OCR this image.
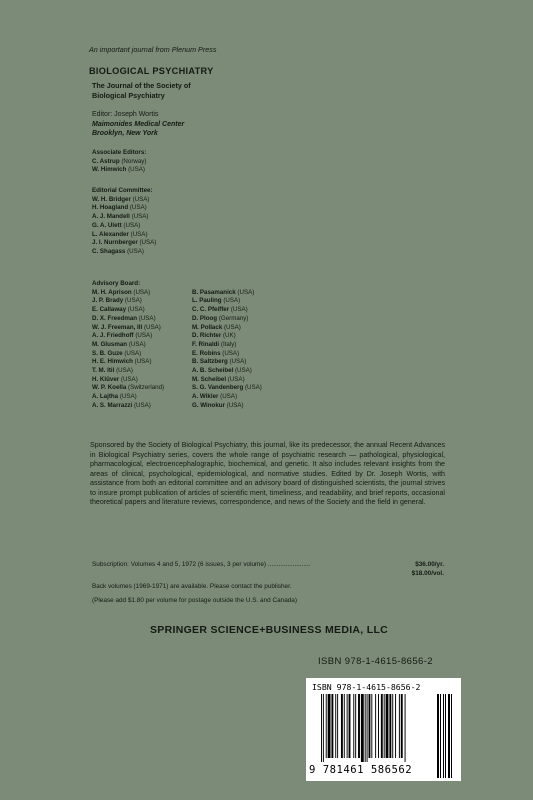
An important journal from Plenum Press
BIOLOGICAL PSYCHIATRY
The Journal of the Society of
Biological Psychiatry
Editor: Joseph Wortis
Maimonides Medical Center
Brooklyn, New York
Associate Editors:
C. Astrup (Norway)
W. Himwich (USA)
Editorial Committee:
W. H. Bridger (USA)
H. Hoagland (USA)
A. J. Mandell (USA)
G. A. Ulett (USA)
L. Alexander (USA)
J. I. Nurnberger (USA)
C. Shagass (USA)
Advisory Board:
M. H. Aprison (USA)
J. P. Brady (USA)
E. Callaway (USA)
D. X. Freedman (USA)
W. J. Freeman, III (USA)
A. J. Friedhoff (USA)
M. Glusman (USA)
S. B. Guze (USA)
H. E. Himwich (USA)
T. M. Itil (USA)
H. Klüver (USA)
W. P. Koella (Switzerland)
A. Lajtha (USA)
A. S. Marrazzi (USA)
B. Pasamanick (USA)
L. Pauling (USA)
C. C. Pfeiffer (USA)
D. Ploog (Germany)
M. Pollack (USA)
D. Richter (UK)
F. Rinaldi (Italy)
E. Robins (USA)
B. Saltzberg (USA)
A. B. Scheibel (USA)
M. Scheibel (USA)
S. G. Vandenberg (USA)
A. Wikler (USA)
G. Winokur (USA)
Sponsored by the Society of Biological Psychiatry, this journal, like its predecessor, the annual Recent Advances in Biological Psychiatry series, covers the whole range of psychiatric research — pathological, physiological, pharmacological, electroencephalographic, biochemical, and genetic. It also includes relevant insights from the areas of clinical, psychological, epidemiological, and normative studies. Edited by Dr. Joseph Wortis, with assistance from both an editorial committee and an advisory board of distinguished scientists, the journal strives to insure prompt publication of articles of scientific merit, timeliness, and readability, and brief reports, occasional theoretical papers and literature reviews, correspondence, and news of the Society and the field in general.
Subscription: Volumes 4 and 5, 1972 (6 issues, 3 per volume) ........................	$36.00/yr.
$18.00/vol.
Back volumes (1969-1971) are available. Please contact the publisher.
(Please add $1.80 per volume for postage outside the U.S. and Canada)
SPRINGER SCIENCE+BUSINESS MEDIA, LLC
ISBN 978-1-4615-8656-2
ISBN 978-1-4615-8656-2
9 781461 586562
